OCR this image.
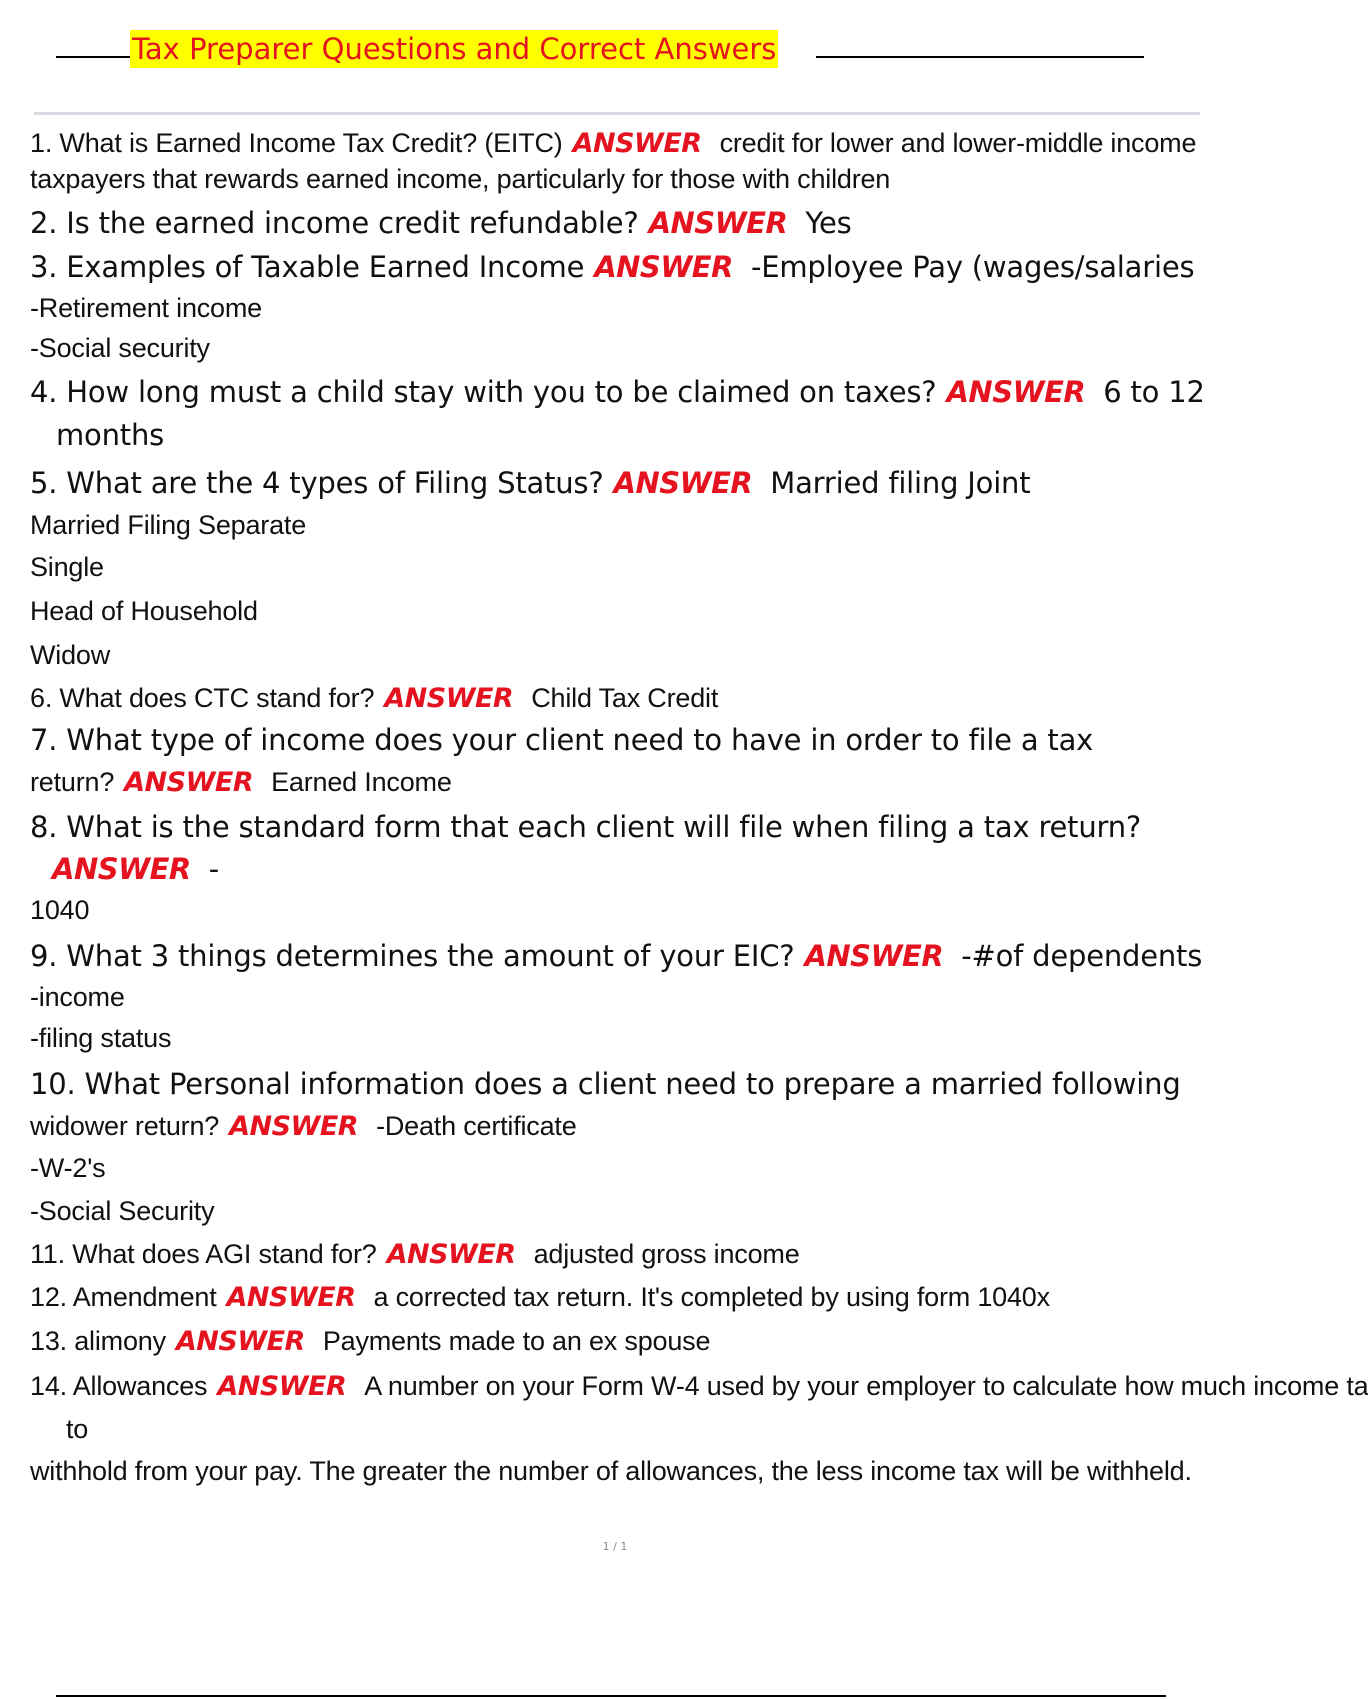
Tax Preparer Questions and Correct Answers
1. What is Earned Income Tax Credit? (EITC) ANSWER credit for lower and lower-middle income
taxpayers that rewards earned income, particularly for those with children
2. Is the earned income credit refundable? ANSWER Yes
3. Examples of Taxable Earned Income ANSWER -Employee Pay (wages/salaries
-Retirement income
-Social security
4. How long must a child stay with you to be claimed on taxes? ANSWER 6 to 12
months
5. What are the 4 types of Filing Status? ANSWER Married filing Joint
Married Filing Separate
Single
Head of Household
Widow
6. What does CTC stand for? ANSWER Child Tax Credit
7. What type of income does your client need to have in order to file a tax
return? ANSWER Earned Income
8. What is the standard form that each client will file when filing a tax return?
ANSWER -
1040
9. What 3 things determines the amount of your EIC? ANSWER -#of dependents
-income
-filing status
10. What Personal information does a client need to prepare a married following
widower return? ANSWER -Death certificate
-W-2's
-Social Security
11. What does AGI stand for? ANSWER adjusted gross income
12. Amendment ANSWER a corrected tax return. It's completed by using form 1040x
13. alimony ANSWER Payments made to an ex spouse
14. Allowances ANSWER A number on your Form W-4 used by your employer to calculate how much income ta
to
withhold from your pay. The greater the number of allowances, the less income tax will be withheld.
1 / 1
